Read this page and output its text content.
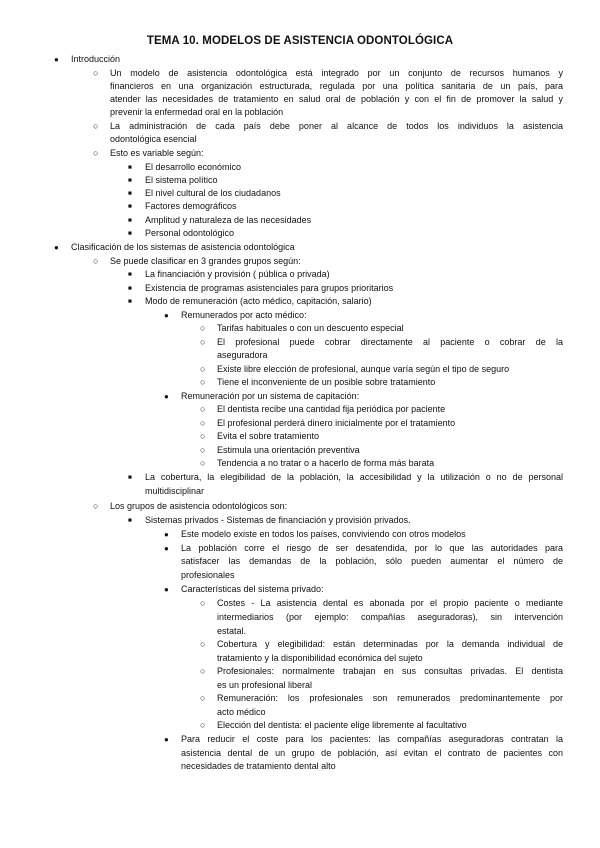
TEMA 10. MODELOS DE ASISTENCIA ODONTOLÓGICA
● Introducción
○ Un modelo de asistencia odontológica está integrado por un conjunto de recursos humanos y
financieros en una organización estructurada, regulada por una política sanitaria de un país, para
atender las necesidades de tratamiento en salud oral de población y con el fin de promover la salud y
prevenir la enfermedad oral en la población
○ La administración de cada país debe poner al alcance de todos los individuos la asistencia
odontológica esencial
○ Esto es variable según:
■ El desarrollo económico
■ El sistema político
■ El nivel cultural de los ciudadanos
■ Factores demográficos
■ Amplitud y naturaleza de las necesidades
■ Personal odontológico
● Clasificación de los sistemas de asistencia odontológica
○ Se puede clasificar en 3 grandes grupos según:
■ La financiación y provisión ( pública o privada)
■ Existencia de programas asistenciales para grupos prioritarios
■ Modo de remuneración (acto médico, capitación, salario)
● Remunerados por acto médico:
○ Tarifas habituales o con un descuento especial
○ El profesional puede cobrar directamente al paciente o cobrar de la
aseguradora
○ Existe libre elección de profesional, aunque varía según el tipo de seguro
○ Tiene el inconveniente de un posible sobre tratamiento
● Remuneración por un sistema de capitación:
○ El dentista recibe una cantidad fija periódica por paciente
○ El profesional perderá dinero inicialmente por el tratamiento
○ Evita el sobre tratamiento
○ Estimula una orientación preventiva
○ Tendencia a no tratar o a hacerlo de forma más barata
■ La cobertura, la elegibilidad de la población, la accesibilidad y la utilización o no de personal
multidisciplinar
○ Los grupos de asistencia odontológicos son:
■ Sistemas privados - Sistemas de financiación y provisión privados.
● Este modelo existe en todos los países, conviviendo con otros modelos
● La población corre el riesgo de ser desatendida, por lo que las autoridades para
satisfacer las demandas de la población, sólo pueden aumentar el número de
profesionales
● Características del sistema privado:
○ Costes - La asistencia dental es abonada por el propio paciente o mediante
intermediarios (por ejemplo: compañías aseguradoras), sin intervención
estatal.
○ Cobertura y elegibilidad: están determinadas por la demanda individual de
tratamiento y la disponibilidad económica del sujeto
○ Profesionales: normalmente trabajan en sus consultas privadas. El dentista
es un profesional liberal
○ Remuneración: los profesionales son remunerados predominantemente por
acto médico
○ Elección del dentista: el paciente elige libremente al facultativo
● Para reducir el coste para los pacientes: las compañías aseguradoras contratan la
asistencia dental de un grupo de población, así evitan el contrato de pacientes con
necesidades de tratamiento dental alto
